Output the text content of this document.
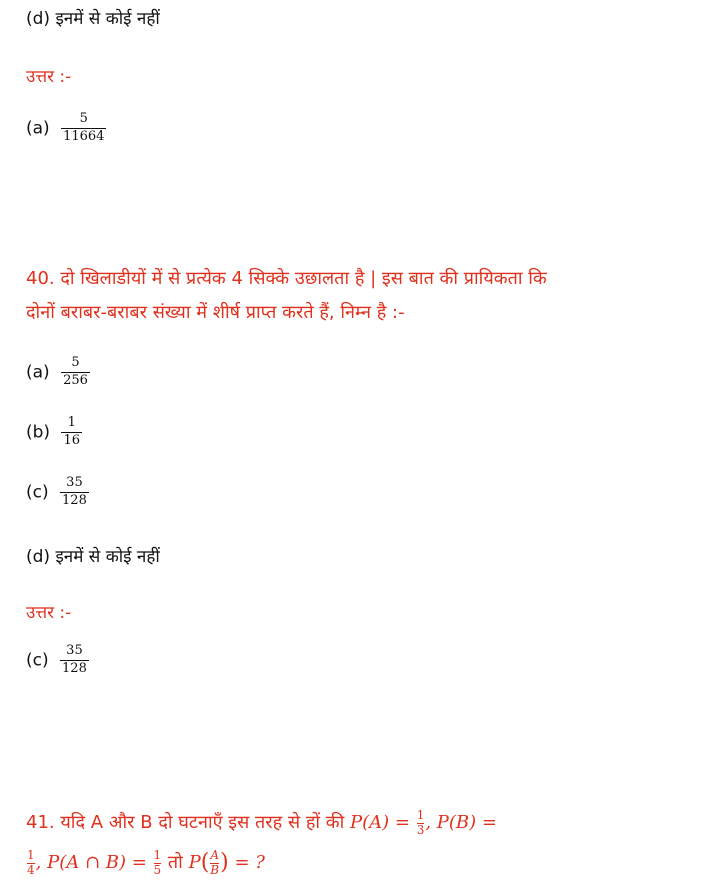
(d) इनमें से कोई नहीं
उत्तर :-
$(a) \frac{5}{11664}$
40. दो खिलाडीयों में से प्रत्येक 4 सिक्के उछालता है | इस बात की प्रायिकता कि
दोनों बराबर-बराबर संख्या में शीर्ष प्राप्त करते हैं, निम्न है :-
$(a) \frac{5}{256}$
$(b) \frac{1}{16}$
$(c) \frac{35}{128}$
(d) इनमें से कोई नहीं
उत्तर :-
$(c) \frac{35}{128}$
41. यदि A और B दो घटनाएँ इस तरह से हों की $P(A) = \frac{1}{3}$ , P(B) =
$\frac{1}{4}$ , P(A ∩ $B) = \frac{1}{5}$ तो $P( \frac{A}{B}$ ) = ?
